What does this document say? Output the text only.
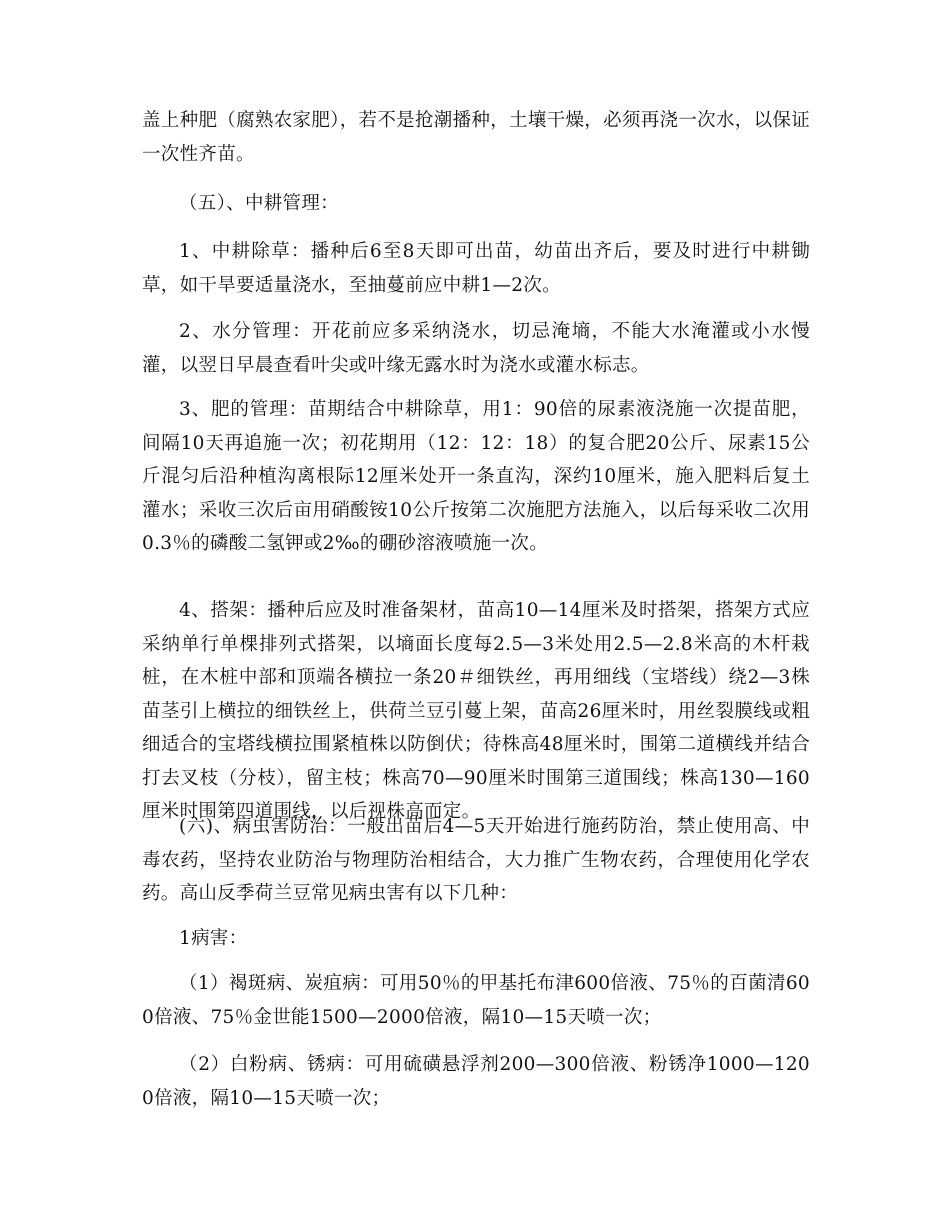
盖上种肥（腐熟农家肥），若不是抢潮播种，土壤干燥，必须再浇一次水，以保证一次性齐苗。

（五）、中耕管理：

1、中耕除草：播种后6至8天即可出苗，幼苗出齐后，要及时进行中耕锄草，如干旱要适量浇水，至抽蔓前应中耕1—2次。

2、水分管理：开花前应多采纳浇水，切忌淹墒，不能大水淹灌或小水慢灌，以翌日早晨查看叶尖或叶缘无露水时为浇水或灌水标志。

3、肥的管理：苗期结合中耕除草，用1：90倍的尿素液浇施一次提苗肥，间隔10天再追施一次；初花期用（12：12：18）的复合肥20公斤、尿素15公斤混匀后沿种植沟离根际12厘米处开一条直沟，深约10厘米，施入肥料后复土灌水；采收三次后亩用硝酸铵10公斤按第二次施肥方法施入，以后每采收二次用0.3％的磷酸二氢钾或2‰的硼砂溶液喷施一次。

4、搭架：播种后应及时准备架材，苗高10—14厘米及时搭架，搭架方式应采纳单行单棵排列式搭架，以墒面长度每2.5—3米处用2.5—2.8米高的木杆栽桩，在木桩中部和顶端各横拉一条20＃细铁丝，再用细线（宝塔线）绕2—3株苗茎引上横拉的细铁丝上，供荷兰豆引蔓上架，苗高26厘米时，用丝裂膜线或粗细适合的宝塔线横拉围紧植株以防倒伏；待株高48厘米时，围第二道横线并结合打去叉枝（分枝），留主枝；株高70—90厘米时围第三道围线；株高130—160厘米时围第四道围线，以后视株高而定。

(六)、病虫害防治：一般出苗后4—5天开始进行施药防治，禁止使用高、中毒农药，坚持农业防治与物理防治相结合，大力推广生物农药，合理使用化学农药。高山反季荷兰豆常见病虫害有以下几种：

1病害：

（1）褐斑病、炭疽病：可用50％的甲基托布津600倍液、75％的百菌清600倍液、75％金世能1500—2000倍液，隔10—15天喷一次；

（2）白粉病、锈病：可用硫磺悬浮剂200—300倍液、粉锈净1000—1200倍液，隔10—15天喷一次；
